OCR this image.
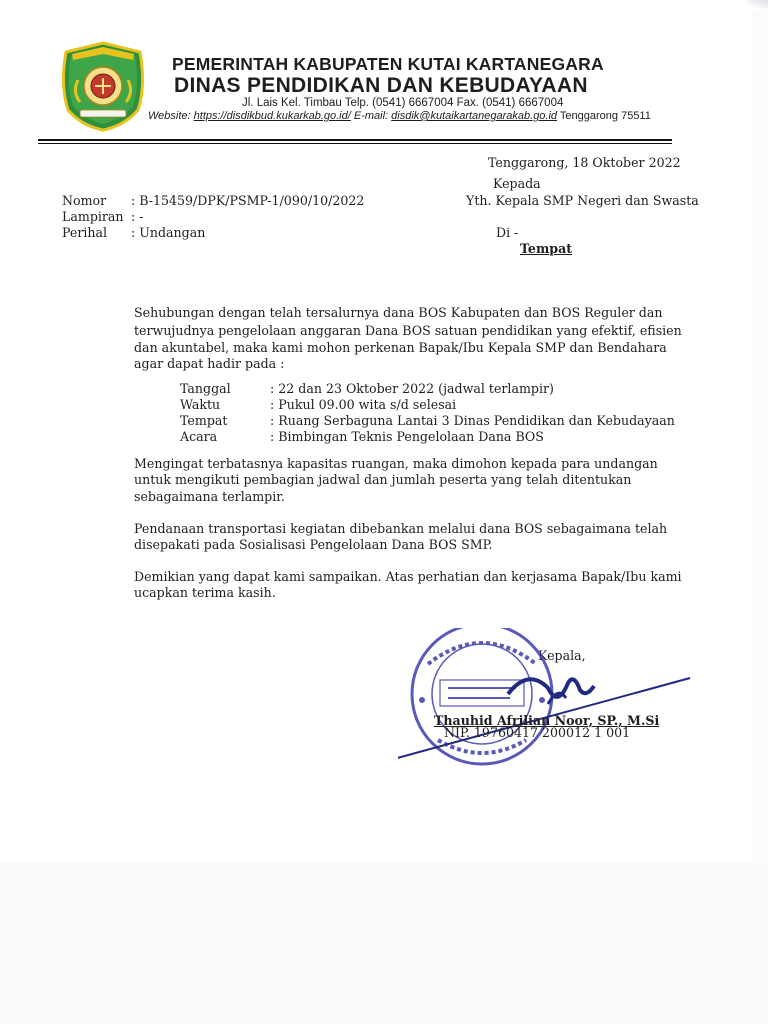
PEMERINTAH KABUPATEN KUTAI KARTANEGARA
DINAS PENDIDIKAN DAN KEBUDAYAAN
Jl. Lais Kel. Timbau Telp. (0541) 6667004 Fax. (0541) 6667004
Website: https://disdikbud.kukarkab.go.id/ E-mail: disdik@kutaikartanegarakab.go.id Tenggarong 75511
Tenggarong, 18 Oktober 2022
Kepada
Yth. Kepala SMP Negeri dan Swasta
Di -
Tempat
Nomor : B-15459/DPK/PSMP-1/090/10/2022
Lampiran : -
Perihal : Undangan
Sehubungan dengan telah tersalurnya dana BOS Kabupaten dan BOS Reguler dan
terwujudnya pengelolaan anggaran Dana BOS satuan pendidikan yang efektif, efisien
dan akuntabel, maka kami mohon perkenan Bapak/Ibu Kepala SMP dan Bendahara
agar dapat hadir pada :
Tanggal	: 22 dan 23 Oktober 2022 (jadwal terlampir)
Waktu	: Pukul 09.00 wita s/d selesai
Tempat	: Ruang Serbaguna Lantai 3 Dinas Pendidikan dan Kebudayaan
Acara	: Bimbingan Teknis Pengelolaan Dana BOS
Mengingat terbatasnya kapasitas ruangan, maka dimohon kepada para undangan
untuk mengikuti pembagian jadwal dan jumlah peserta yang telah ditentukan
sebagaimana terlampir.
Pendanaan transportasi kegiatan dibebankan melalui dana BOS sebagaimana telah
disepakati pada Sosialisasi Pengelolaan Dana BOS SMP.
Demikian yang dapat kami sampaikan. Atas perhatian dan kerjasama Bapak/Ibu kami
ucapkan terima kasih.
Kepala,
Thauhid Afrilian Noor, SP., M.Si
NIP. 19760417 200012 1 001
